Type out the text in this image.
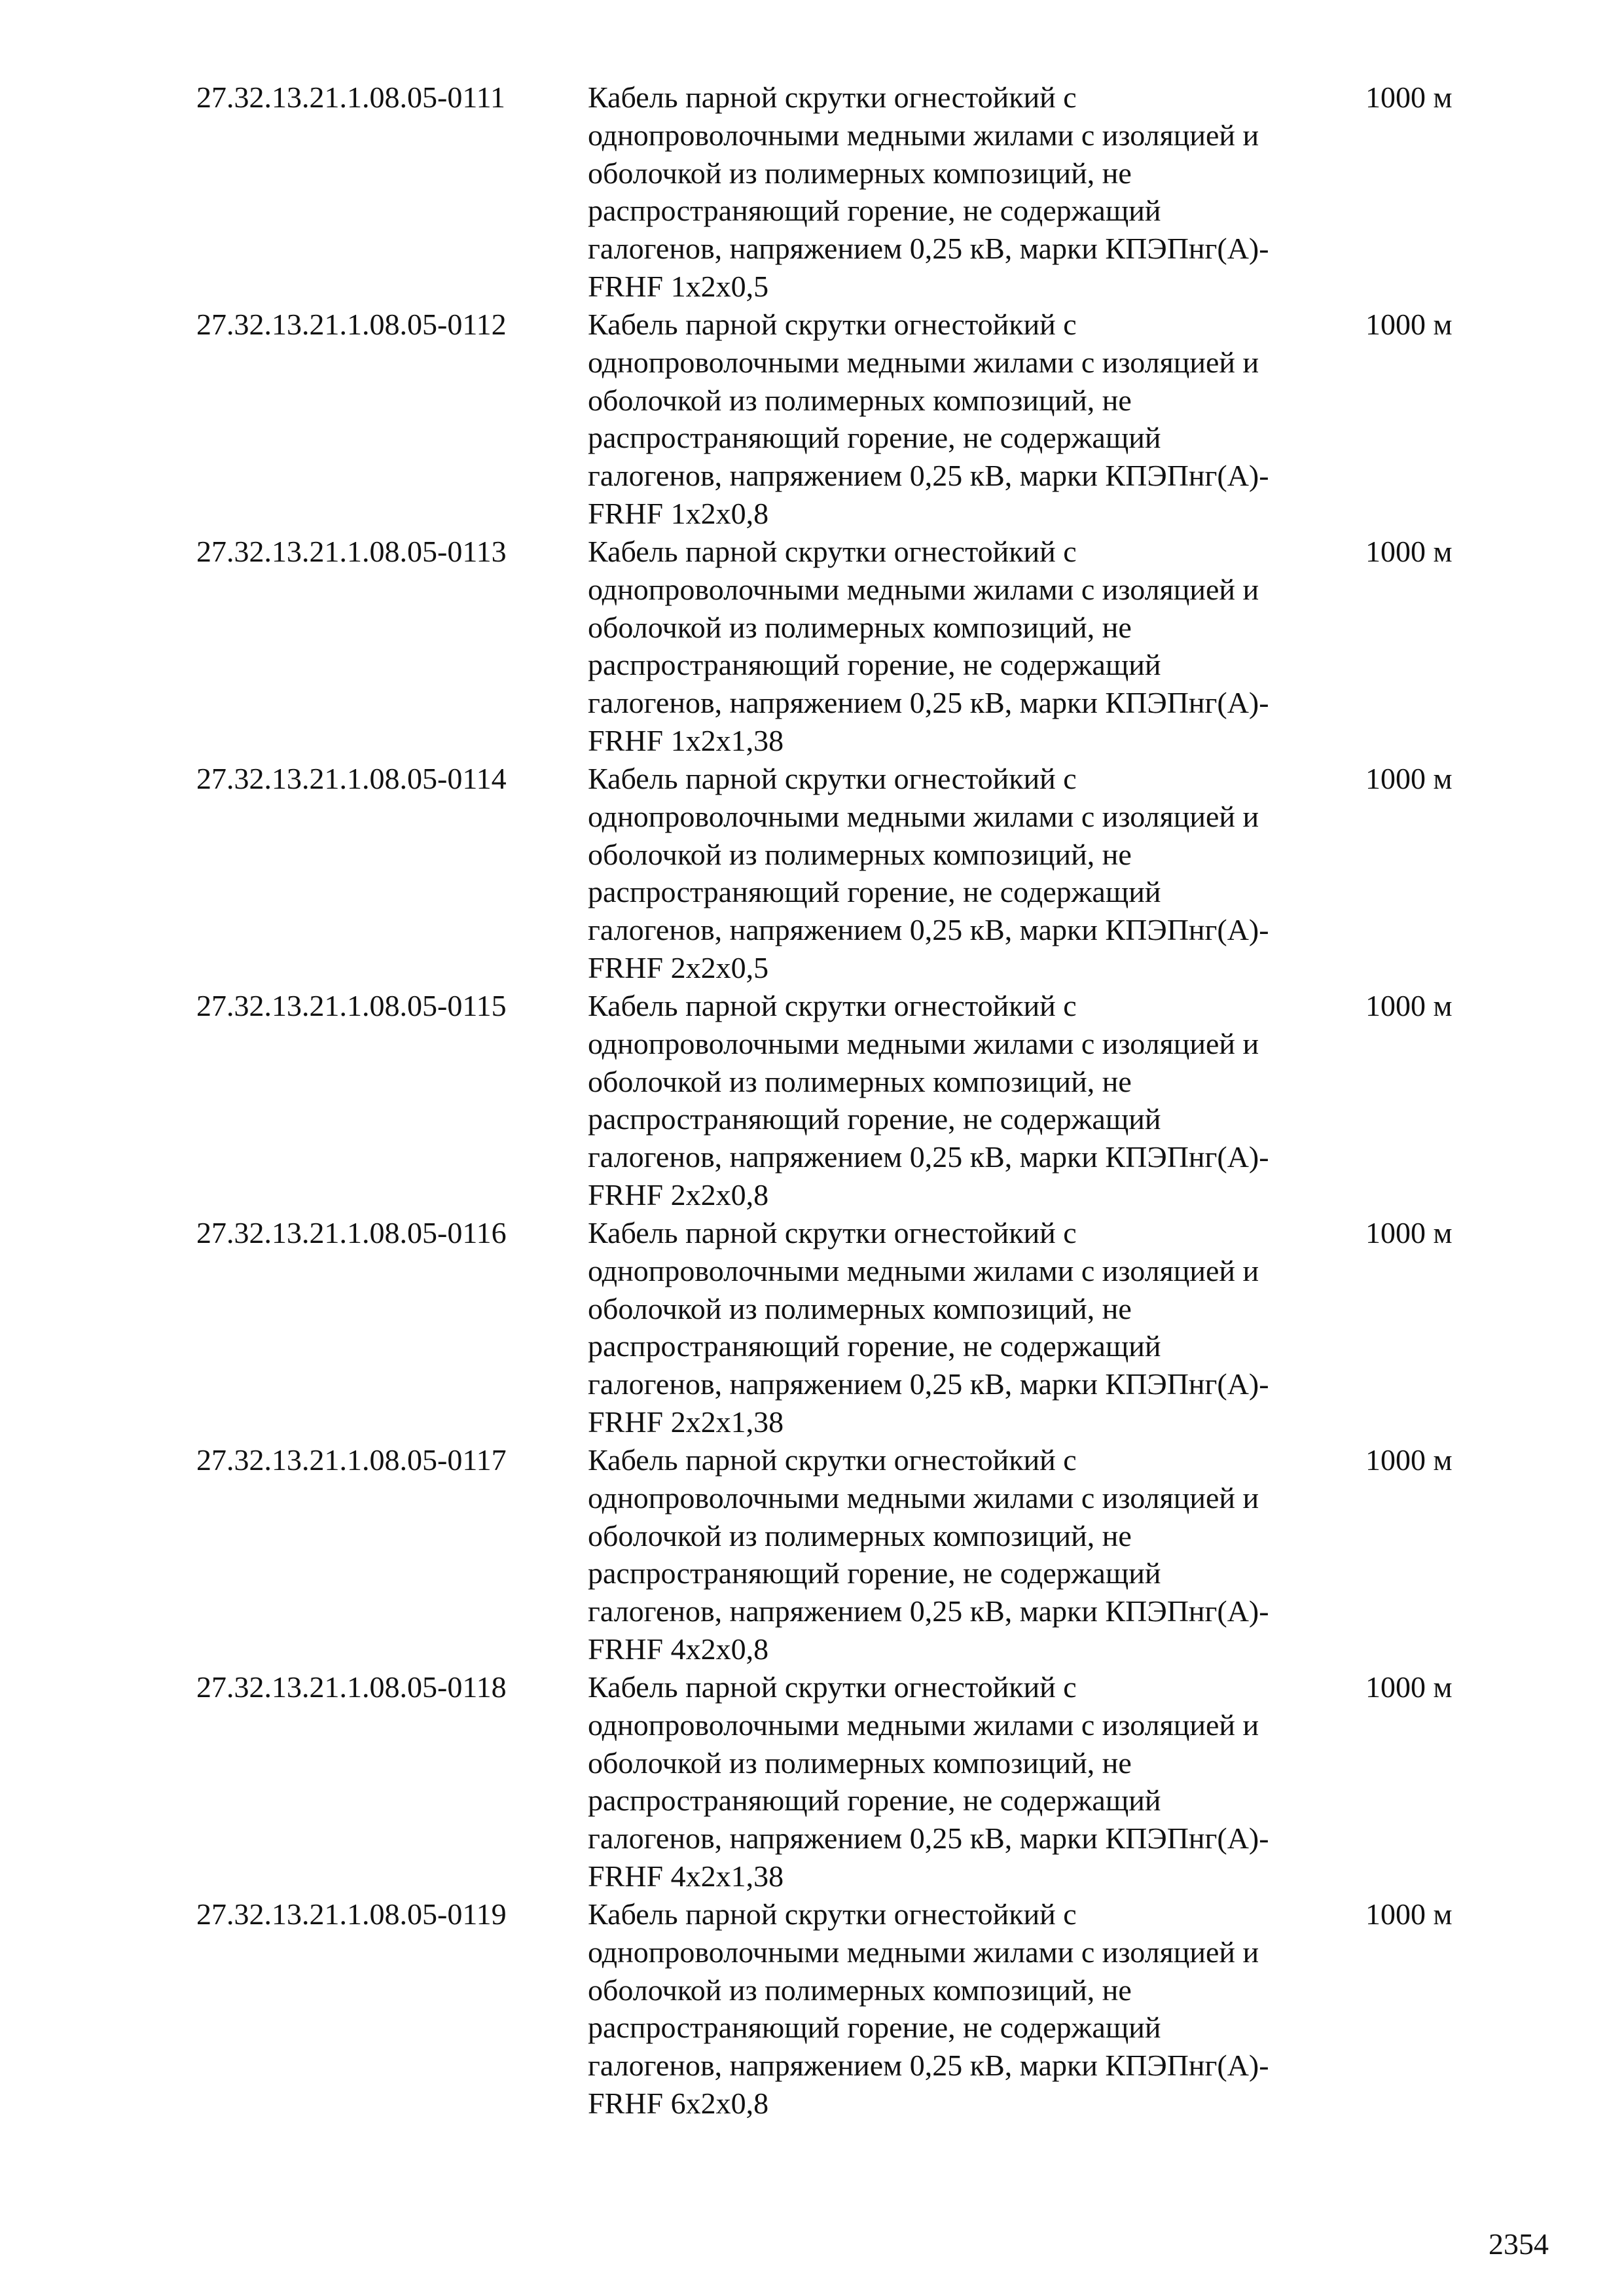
27.32.13.21.1.08.05-0111	Кабель парной скрутки огнестойкий с
однопроволочными медными жилами с изоляцией и
оболочкой из полимерных композиций, не
распространяющий горение, не содержащий
галогенов, напряжением 0,25 кВ, марки КПЭПнг(А)-
FRHF 1х2х0,5
1000 м
27.32.13.21.1.08.05-0112	Кабель парной скрутки огнестойкий с
однопроволочными медными жилами с изоляцией и
оболочкой из полимерных композиций, не
распространяющий горение, не содержащий
галогенов, напряжением 0,25 кВ, марки КПЭПнг(А)-
FRHF 1х2х0,8
1000 м
27.32.13.21.1.08.05-0113	Кабель парной скрутки огнестойкий с
однопроволочными медными жилами с изоляцией и
оболочкой из полимерных композиций, не
распространяющий горение, не содержащий
галогенов, напряжением 0,25 кВ, марки КПЭПнг(А)-
FRHF 1х2х1,38
1000 м
27.32.13.21.1.08.05-0114	Кабель парной скрутки огнестойкий с
однопроволочными медными жилами с изоляцией и
оболочкой из полимерных композиций, не
распространяющий горение, не содержащий
галогенов, напряжением 0,25 кВ, марки КПЭПнг(А)-
FRHF 2х2х0,5
1000 м
27.32.13.21.1.08.05-0115	Кабель парной скрутки огнестойкий с
однопроволочными медными жилами с изоляцией и
оболочкой из полимерных композиций, не
распространяющий горение, не содержащий
галогенов, напряжением 0,25 кВ, марки КПЭПнг(А)-
FRHF 2х2х0,8
1000 м
27.32.13.21.1.08.05-0116	Кабель парной скрутки огнестойкий с
однопроволочными медными жилами с изоляцией и
оболочкой из полимерных композиций, не
распространяющий горение, не содержащий
галогенов, напряжением 0,25 кВ, марки КПЭПнг(А)-
FRHF 2х2х1,38
1000 м
27.32.13.21.1.08.05-0117	Кабель парной скрутки огнестойкий с
однопроволочными медными жилами с изоляцией и
оболочкой из полимерных композиций, не
распространяющий горение, не содержащий
галогенов, напряжением 0,25 кВ, марки КПЭПнг(А)-
FRHF 4х2х0,8
1000 м
27.32.13.21.1.08.05-0118	Кабель парной скрутки огнестойкий с
однопроволочными медными жилами с изоляцией и
оболочкой из полимерных композиций, не
распространяющий горение, не содержащий
галогенов, напряжением 0,25 кВ, марки КПЭПнг(А)-
FRHF 4х2х1,38
1000 м
27.32.13.21.1.08.05-0119	Кабель парной скрутки огнестойкий с
однопроволочными медными жилами с изоляцией и
оболочкой из полимерных композиций, не
распространяющий горение, не содержащий
галогенов, напряжением 0,25 кВ, марки КПЭПнг(А)-
FRHF 6х2х0,8
1000 м
2354
